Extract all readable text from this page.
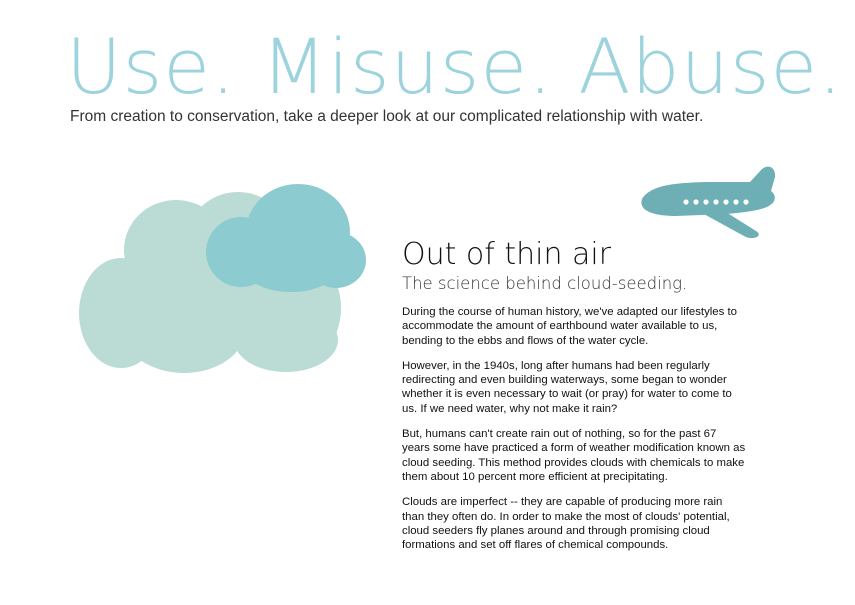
Use. Misuse. Abuse.

From creation to conservation, take a deeper look at our complicated relationship with water.

Out of thin air
The science behind cloud-seeding.

During the course of human history, we've adapted our lifestyles to accommodate the amount of earthbound water available to us, bending to the ebbs and flows of the water cycle.

However, in the 1940s, long after humans had been regularly redirecting and even building waterways, some began to wonder whether it is even necessary to wait (or pray) for water to come to us. If we need water, why not make it rain?

But, humans can't create rain out of nothing, so for the past 67 years some have practiced a form of weather modification known as cloud seeding. This method provides clouds with chemicals to make them about 10 percent more efficient at precipitating.

Clouds are imperfect -- they are capable of producing more rain than they often do. In order to make the most of clouds' potential, cloud seeders fly planes around and through promising cloud formations and set off flares of chemical compounds.
